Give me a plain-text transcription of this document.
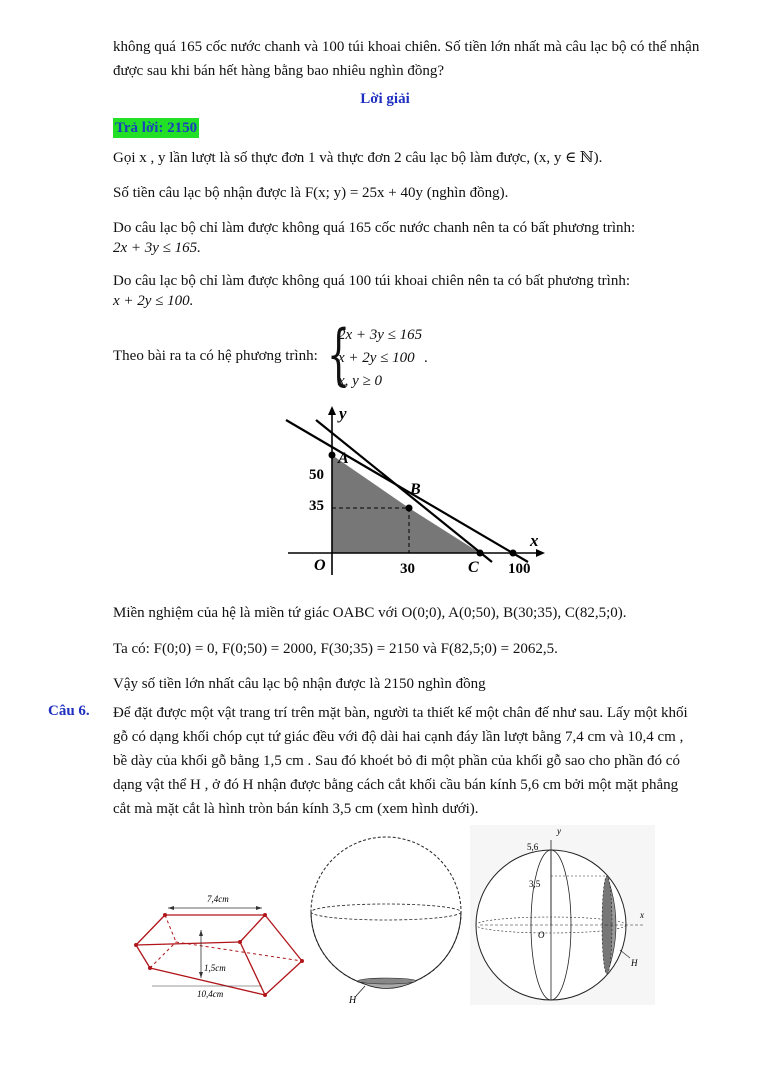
không quá 165 cốc nước chanh và 100 túi khoai chiên. Số tiền lớn nhất mà câu lạc bộ có thể nhận
được sau khi bán hết hàng bằng bao nhiêu nghìn đồng?
Lời giải
Trả lời: 2150
Gọi x , y lần lượt là số thực đơn 1 và thực đơn 2 câu lạc bộ làm được, (x, y ∈ ℕ).
Số tiền câu lạc bộ nhận được là F(x; y) = 25x + 40y (nghìn đồng).
Do câu lạc bộ chỉ làm được không quá 165 cốc nước chanh nên ta có bất phương trình:
2x + 3y ≤ 165.
Do câu lạc bộ chỉ làm được không quá 100 túi khoai chiên nên ta có bất phương trình:
x + 2y ≤ 100.
Theo bài ra ta có hệ phương trình: {
2x + 3y ≤ 165
x + 2y ≤ 100
x, y ≥ 0
.
x
y
O
A
B
C
50
35
30	100
Miền nghiệm của hệ là miền tứ giác OABC với O(0;0), A(0;50), B(30;35), C(82,5;0).
Ta có: F(0;0) = 0, F(0;50) = 2000, F(30;35) = 2150 và F(82,5;0) = 2062,5.
Vậy số tiền lớn nhất câu lạc bộ nhận được là 2150 nghìn đồng
Câu 6. Để đặt được một vật trang trí trên mặt bàn, người ta thiết kế một chân đế như sau. Lấy một khối
gỗ có dạng khối chóp cụt tứ giác đều với độ dài hai cạnh đáy lần lượt bằng 7,4 cm và 10,4 cm ,
bề dày của khối gỗ bằng 1,5 cm . Sau đó khoét bỏ đi một phần của khối gỗ sao cho phần đó có
dạng vật thể H , ở đó H nhận được bằng cách cắt khối cầu bán kính 5,6 cm bởi một mặt phẳng
cắt mà mặt cắt là hình tròn bán kính 3,5 cm (xem hình dưới).
7,4cm
1,5cm
10,4cm
H
y
x
5,6
3,5
O
H
